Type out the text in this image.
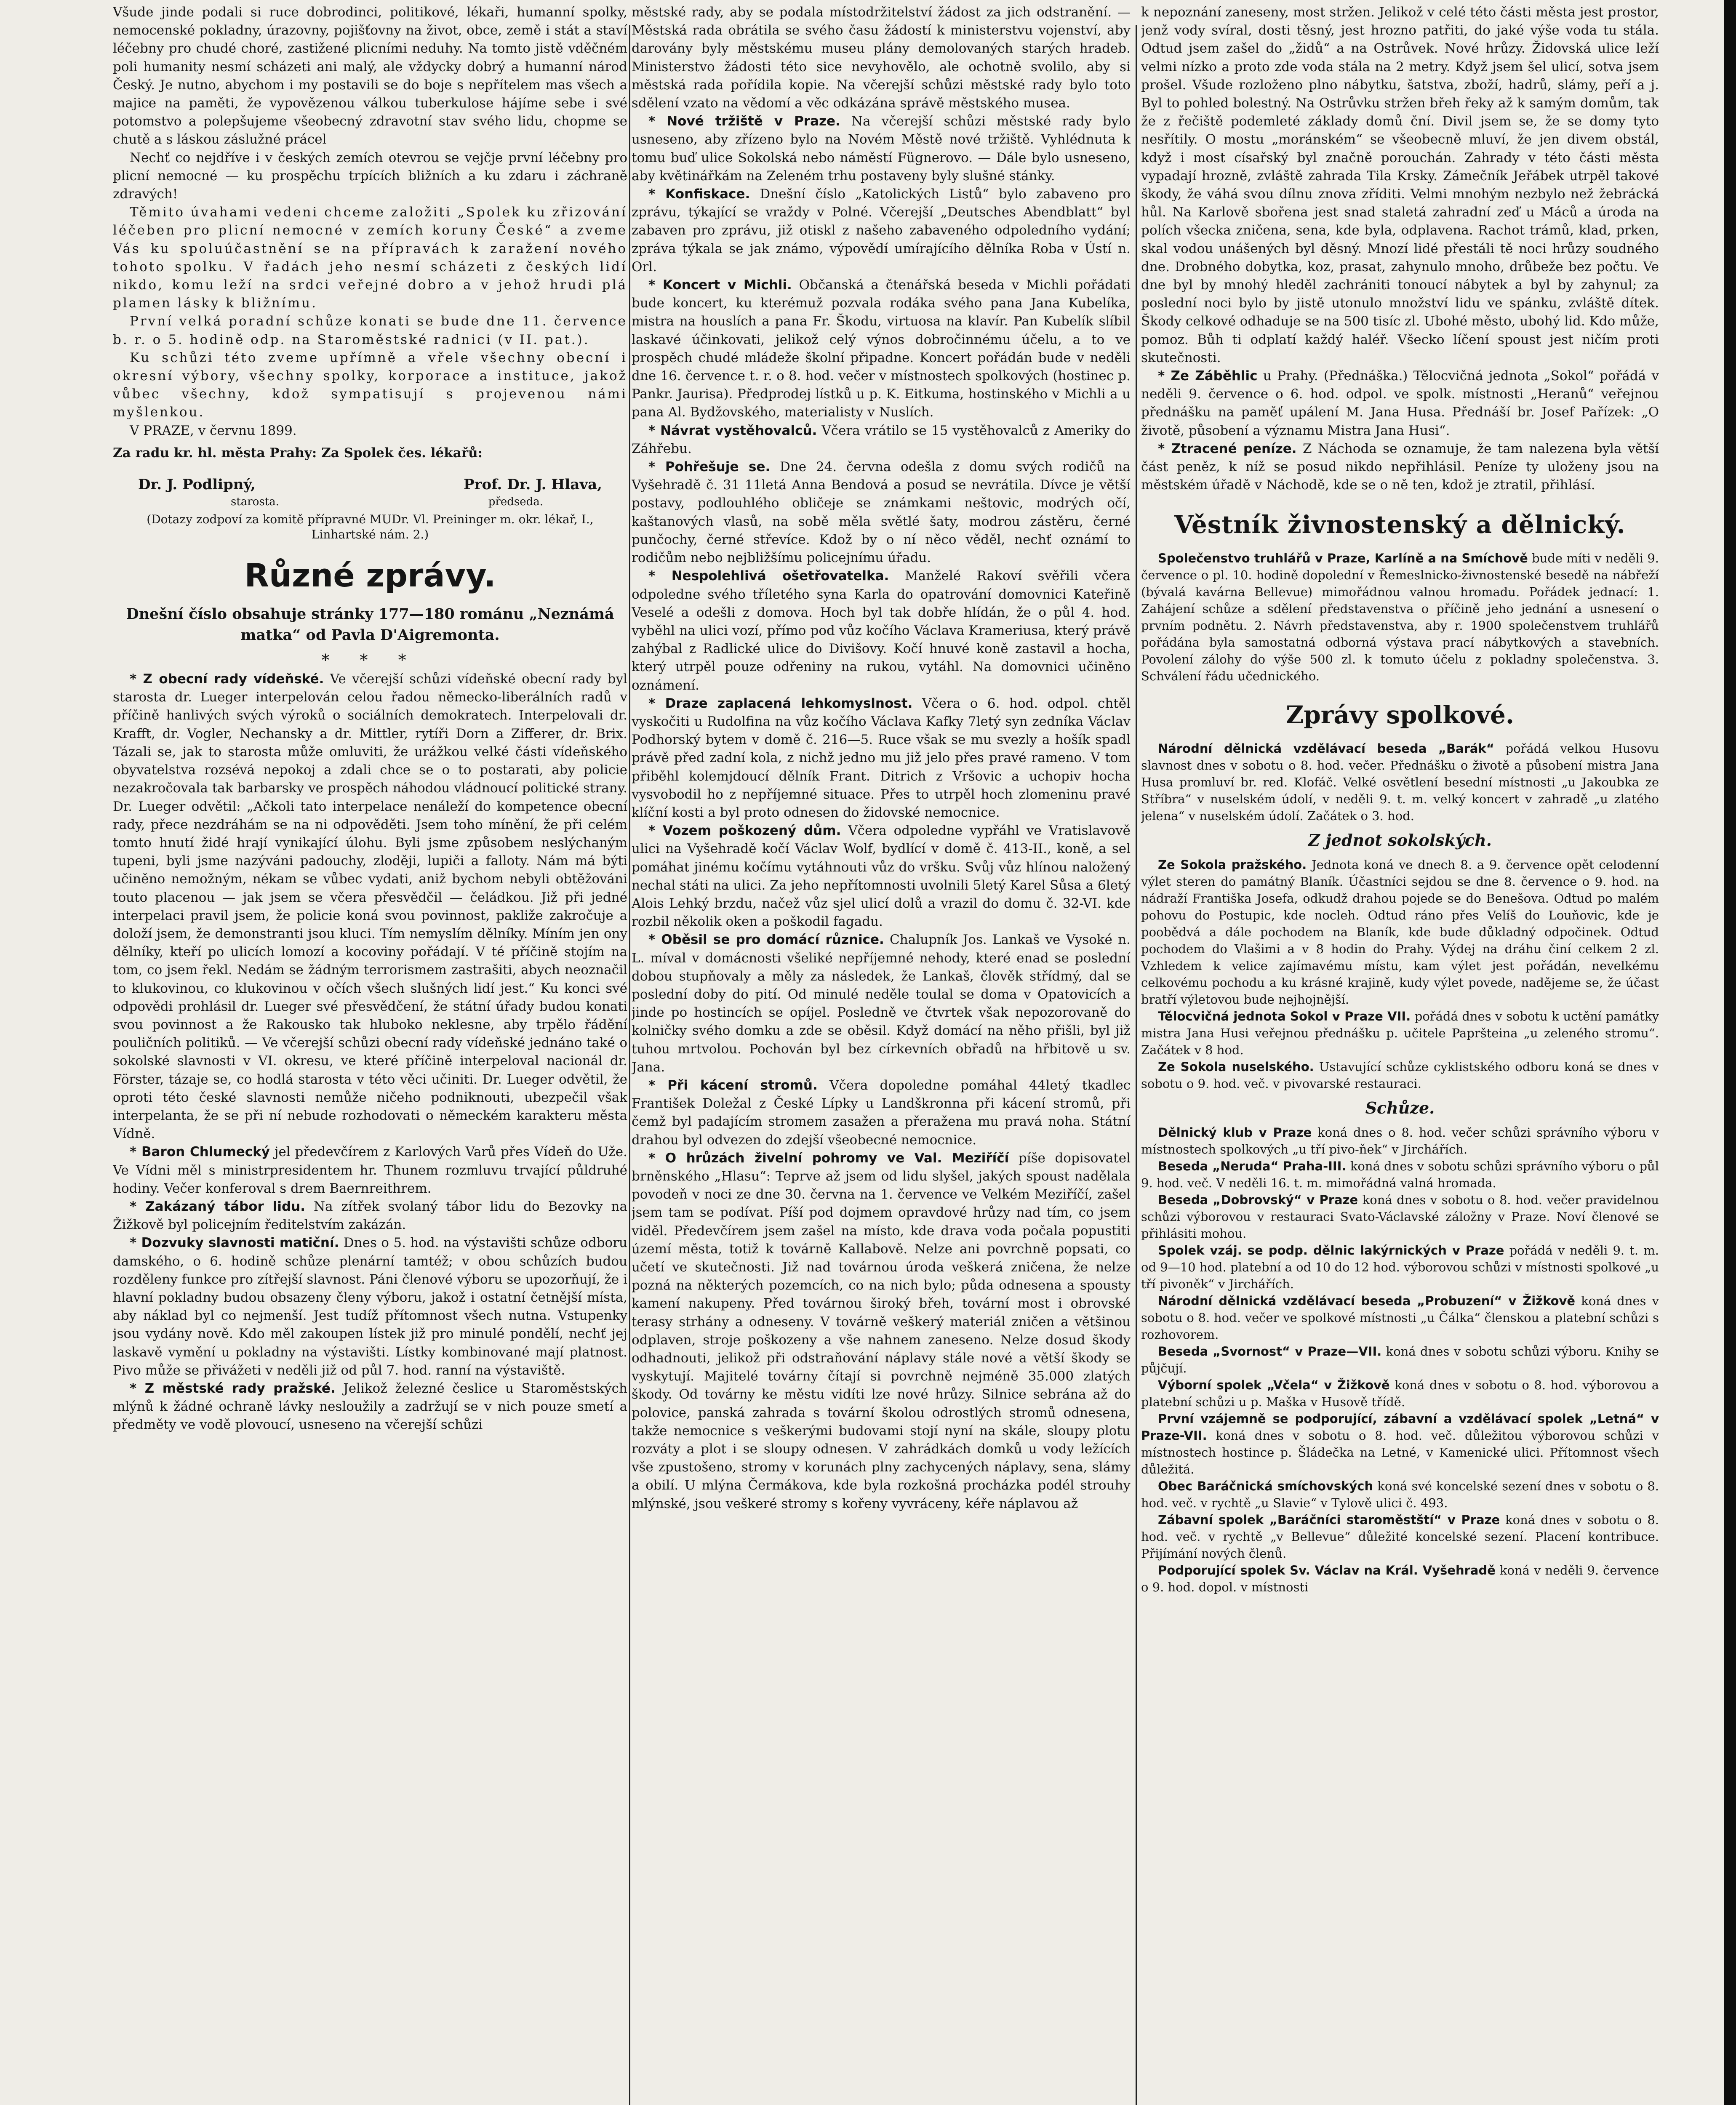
Všude jinde podali si ruce dobrodinci, politikové, lékaři, humanní spolky, nemocenské pokladny, úrazovny, pojišťovny na život, obce, země i stát a staví léčebny pro chudé choré, zastižené plicními neduhy. Na tomto jistě vděčném poli humanity nesmí scházeti ani malý, ale vždycky dobrý a humanní národ Český. Je nutno, abychom i my postavili se do boje s nepřítelem mas všech a majice na paměti, že vypovězenou válkou tuberkulose hájíme sebe i své potomstvo a polepšujeme všeobecný zdravotní stav svého lidu, chopme se chutě a s láskou záslužné prácel

Nechť co nejdříve i v českých zemích otevrou se vejčje první léčebny pro plicní nemocné — ku prospěchu trpících bližních a ku zdaru i záchraně zdravých!

Těmito úvahami vedeni chceme založiti „Spolek ku zřizování léčeben pro plicní nemocné v zemích koruny České“ a zveme Vás ku spoluúčastnění se na přípravách k zaražení nového tohoto spolku. V řadách jeho nesmí scházeti z českých lidí nikdo, komu leží na srdci veřejné dobro a v jehož hrudi plá plamen lásky k bližnímu.

První velká poradní schůze konati se bude dne 11. července b. r. o 5. hodině odp. na Staroměstské radnici (v II. pat.).

Ku schůzi této zveme upřímně a vřele všechny obecní i okresní výbory, všechny spolky, korporace a instituce, jakož vůbec všechny, kdož sympatisují s projevenou námi myšlenkou.

V PRAZE, v červnu 1899.

Za radu kr. hl. města Prahy: Za Spolek čes. lékařů:

Dr. J. Podlipný,	Prof. Dr. J. Hlava,
starosta.	předseda.
(Dotazy zodpoví za komitě přípravné MUDr. Vl. Preininger m. okr. lékař, I., Linhartské nám. 2.)
Různé zprávy.
Dnešní číslo obsahuje stránky 177—180 románu „Neznámá matka“ od Pavla D'Aigremonta.
* * *

* Z obecní rady vídeňské. Ve včerejší schůzi vídeňské obecní rady byl starosta dr. Lueger interpelován celou řadou německo-liberálních radů v příčině hanlivých svých výroků o sociálních demokratech. Interpelovali dr. Krafft, dr. Vogler, Nechansky a dr. Mittler, rytíři Dorn a Zifferer, dr. Brix. Tázali se, jak to starosta může omluviti, že urážkou velké části vídeňského obyvatelstva rozsévá nepokoj a zdali chce se o to postarati, aby policie nezakročovala tak barbarsky ve prospěch náhodou vládnoucí politické strany. Dr. Lueger odvětil: „Ačkoli tato interpelace nenáleží do kompetence obecní rady, přece nezdráhám se na ni odpověděti. Jsem toho mínění, že při celém tomto hnutí židé hrají vynikající úlohu. Byli jsme způsobem neslýchaným tupeni, byli jsme nazýváni padouchy, zloději, lupiči a falloty. Nám má býti učiněno nemožným, nékam se vůbec vydati, aniž bychom nebyli obtěžováni touto placenou — jak jsem se včera přesvědčil — čeládkou. Již při jedné interpelaci pravil jsem, že policie koná svou povinnost, pakliže zakročuje a doloží jsem, že demonstranti jsou kluci. Tím nemyslím dělníky. Míním jen ony dělníky, kteří po ulicích lomozí a kocoviny pořádají. V té příčině stojím na tom, co jsem řekl. Nedám se žádným terrorismem zastrašiti, abych neoznačil to klukovinou, co klukovinou v očích všech slušných lidí jest.“ Ku konci své odpovědi prohlásil dr. Lueger své přesvědčení, že státní úřady budou konati svou povinnost a že Rakousko tak hluboko neklesne, aby trpělo řádění pouličních politiků. — Ve včerejší schůzi obecní rady vídeňské jednáno také o sokolské slavnosti v VI. okresu, ve které příčině interpeloval nacionál dr. Förster, tázaje se, co hodlá starosta v této věci učiniti. Dr. Lueger odvětil, že oproti této české slavnosti nemůže ničeho podniknouti, ubezpečil však interpelanta, že se při ní nebude rozhodovati o německém karakteru města Vídně.

* Baron Chlumecký jel předevčírem z Karlových Varů přes Vídeň do Uže. Ve Vídni měl s ministrpresidentem hr. Thunem rozmluvu trvající půldruhé hodiny. Večer konferoval s drem Baernreithrem.

* Zakázaný tábor lidu. Na zítřek svolaný tábor lidu do Bezovky na Žižkově byl policejním ředitelstvím zakázán.

* Dozvuky slavnosti matiční. Dnes o 5. hod. na výstavišti schůze odboru damského, o 6. hodině schůze plenární tamtéž; v obou schůzích budou rozděleny funkce pro zítřejší slavnost. Páni členové výboru se upozorňují, že i hlavní pokladny budou obsazeny členy výboru, jakož i ostatní četnější místa, aby náklad byl co nejmenší. Jest tudíž přítomnost všech nutna. Vstupenky jsou vydány nově. Kdo měl zakoupen lístek již pro minulé pondělí, nechť jej laskavě vymění u pokladny na výstavišti. Lístky kombinované mají platnost. Pivo může se přivážeti v neděli již od půl 7. hod. ranní na výstaviště.

* Z městské rady pražské. Jelikož železné česlice u Staroměstských mlýnů k žádné ochraně lávky nesloužily a zadržují se v nich pouze smetí a předměty ve vodě plovoucí, usneseno na včerejší schůzi

městské rady, aby se podala místodržitelství žádost za jich odstranění. — Městská rada obrátila se svého času žádostí k ministerstvu vojenství, aby darovány byly městskému museu plány demolovaných starých hradeb. Ministerstvo žádosti této sice nevyhovělo, ale ochotně svolilo, aby si městská rada pořídila kopie. Na včerejší schůzi městské rady bylo toto sdělení vzato na vědomí a věc odkázána správě městského musea.

* Nové tržiště v Praze. Na včerejší schůzi městské rady bylo usneseno, aby zřízeno bylo na Novém Městě nové tržiště. Vyhlédnuta k tomu buď ulice Sokolská nebo náměstí Fügnerovo. — Dále bylo usneseno, aby květinářkám na Zeleném trhu postaveny byly slušné stánky.

* Konfiskace. Dnešní číslo „Katolických Listů“ bylo zabaveno pro zprávu, týkající se vraždy v Polné. Včerejší „Deutsches Abendblatt“ byl zabaven pro zprávu, již otiskl z našeho zabaveného odpoledního vydání; zpráva týkala se jak známo, výpovědí umírajícího dělníka Roba v Ústí n. Orl.

* Koncert v Michli. Občanská a čtenářská beseda v Michli pořádati bude koncert, ku kterémuž pozvala rodáka svého pana Jana Kubelíka, mistra na houslích a pana Fr. Škodu, virtuosa na klavír. Pan Kubelík slíbil laskavé účinkovati, jelikož celý výnos dobročinnému účelu, a to ve prospěch chudé mládeže školní připadne. Koncert pořádán bude v neděli dne 16. července t. r. o 8. hod. večer v místnostech spolkových (hostinec p. Pankr. Jaurisa). Předprodej lístků u p. K. Eitkuma, hostinského v Michli a u pana Al. Bydžovského, materialisty v Nuslích.

* Návrat vystěhovalců. Včera vrátilo se 15 vystěhovalců z Ameriky do Záhřebu.

* Pohřešuje se. Dne 24. června odešla z domu svých rodičů na Vyšehradě č. 31 11letá Anna Bendová a posud se nevrátila. Dívce je větší postavy, podlouhlého obličeje se známkami neštovic, modrých očí, kaštanových vlasů, na sobě měla světlé šaty, modrou zástěru, černé punčochy, černé střevíce. Kdož by o ní něco věděl, nechť oznámí to rodičům nebo nejbližšímu policejnímu úřadu.

* Nespolehlivá ošetřovatelka. Manželé Rakoví svěřili včera odpoledne svého tříletého syna Karla do opatrování domovnici Kateřině Veselé a odešli z domova. Hoch byl tak dobře hlídán, že o půl 4. hod. vyběhl na ulici vozí, přímo pod vůz kočího Václava Krameriusa, který právě zahýbal z Radlické ulice do Divišovy. Kočí hnuvé koně zastavil a hocha, který utrpěl pouze odřeniny na rukou, vytáhl. Na domovnici učiněno oznámení.

* Draze zaplacená lehkomyslnost. Včera o 6. hod. odpol. chtěl vyskočiti u Rudolfina na vůz kočího Václava Kafky 7letý syn zedníka Václav Podhorský bytem v domě č. 216—5. Ruce však se mu svezly a hošík spadl právě před zadní kola, z nichž jedno mu již jelo přes pravé rameno. V tom přiběhl kolemjdoucí dělník Frant. Ditrich z Vršovic a uchopiv hocha vysvobodil ho z nepříjemné situace. Přes to utrpěl hoch zlomeninu pravé klíční kosti a byl proto odnesen do židovské nemocnice.

* Vozem poškozený dům. Včera odpoledne vypřáhl ve Vratislavově ulici na Vyšehradě kočí Václav Wolf, bydlící v domě č. 413-II., koně, a sel pomáhat jinému kočímu vytáhnouti vůz do vršku. Svůj vůz hlínou naložený nechal státi na ulici. Za jeho nepřítomnosti uvolnili 5letý Karel Sůsa a 6letý Alois Lehký brzdu, načež vůz sjel ulicí dolů a vrazil do domu č. 32-VI. kde rozbil několik oken a poškodil fagadu.

* Oběsil se pro domácí různice. Chalupník Jos. Lankaš ve Vysoké n. L. míval v domácnosti všeliké nepříjemné nehody, které enad se poslední dobou stupňovaly a měly za následek, že Lankaš, člověk střídmý, dal se poslední doby do pití. Od minulé neděle toulal se doma v Opatovicích a jinde po hostincích se opíjel. Posledně ve čtvrtek však nepozorovaně do kolničky svého domku a zde se oběsil. Když domácí na něho přišli, byl již tuhou mrtvolou. Pochován byl bez církevních obřadů na hřbitově u sv. Jana.

* Při kácení stromů. Včera dopoledne pomáhal 44letý tkadlec František Doležal z České Lípky u Landškronna při kácení stromů, při čemž byl padajícím stromem zasažen a přeražena mu pravá noha. Státní drahou byl odvezen do zdejší všeobecné nemocnice.

* O hrůzách živelní pohromy ve Val. Meziříčí píše dopisovatel brněnského „Hlasu“: Teprve až jsem od lidu slyšel, jakých spoust nadělala povodeň v noci ze dne 30. června na 1. července ve Velkém Meziříčí, zašel jsem tam se podívat. Píší pod dojmem opravdové hrůzy nad tím, co jsem viděl. Předevčírem jsem zašel na místo, kde drava voda počala popustiti území města, totiž k továrně Kallabově. Nelze ani povrchně popsati, co učetí ve skutečnosti. Již nad továrnou úroda veškerá zničena, že nelze pozná na některých pozemcích, co na nich bylo; půda odnesena a spousty kamení nakupeny. Před továrnou široký břeh, tovární most i obrovské terasy strhány a odneseny. V továrně veškerý materiál zničen a většinou odplaven, stroje poškozeny a vše nahnem zaneseno. Nelze dosud škody odhadnouti, jelikož při odstraňování náplavy stále nové a větší škody se vyskytují. Majitelé továrny čítají si povrchně nejméně 35.000 zlatých škody. Od továrny ke městu vidíti lze nové hrůzy. Silnice sebrána až do polovice, panská zahrada s tovární školou odrostlých stromů odnesena, takže nemocnice s veškerými budovami stojí nyní na skále, sloupy plotu rozváty a plot i se sloupy odnesen. V zahrádkách domků u vody ležících vše zpustošeno, stromy v korunách plny zachycených náplavy, sena, slámy a obilí. U mlýna Čermákova, kde byla rozkošná procházka podél strouhy mlýnské, jsou veškeré stromy s kořeny vyvráceny, kéře náplavou až

k nepoznání zaneseny, most stržen. Jelikož v celé této části města jest prostor, jenž vody svíral, dosti těsný, jest hrozno patřiti, do jaké výše voda tu stála. Odtud jsem zašel do „židů“ a na Ostrůvek. Nové hrůzy. Židovská ulice leží velmi nízko a proto zde voda stála na 2 metry. Když jsem šel ulicí, sotva jsem prošel. Všude rozloženo plno nábytku, šatstva, zboží, hadrů, slámy, peří a j. Byl to pohled bolestný. Na Ostrůvku stržen břeh řeky až k samým domům, tak že z řečiště podemleté základy domů ční. Divil jsem se, že se domy tyto nesřítily. O mostu „moránském“ se všeobecně mluví, že jen divem obstál, když i most císařský byl značně porouchán. Zahrady v této části města vypadají hrozně, zvláště zahrada Tila Krsky. Zámečník Jeřábek utrpěl takové škody, že váhá svou dílnu znova zříditi. Velmi mnohým nezbylo než žebrácká hůl. Na Karlově sbořena jest snad staletá zahradní zeď u Máců a úroda na polích všecka zničena, sena, kde byla, odplavena. Rachot trámů, klad, prken, skal vodou unášených byl děsný. Mnozí lidé přestáli tě noci hrůzy soudného dne. Drobného dobytka, koz, prasat, zahynulo mnoho, drůbeže bez počtu. Ve dne byl by mnohý hleděl zachrániti tonoucí nábytek a byl by zahynul; za poslední noci bylo by jistě utonulo množství lidu ve spánku, zvláště dítek. Škody celkové odhaduje se na 500 tisíc zl. Ubohé město, ubohý lid. Kdo může, pomoz. Bůh ti odplatí každý haléř. Všecko líčení spoust jest ničím proti skutečnosti.

* Ze Záběhlic u Prahy. (Přednáška.) Tělocvičná jednota „Sokol“ pořádá v neděli 9. července o 6. hod. odpol. ve spolk. místnosti „Heranů“ veřejnou přednášku na paměť upálení M. Jana Husa. Přednáší br. Josef Pařízek: „O životě, působení a významu Mistra Jana Husi“.

* Ztracené peníze. Z Náchoda se oznamuje, že tam nalezena byla větší část peněz, k níž se posud nikdo nepřihlásil. Peníze ty uloženy jsou na městském úřadě v Náchodě, kde se o ně ten, kdož je ztratil, přihlásí.

Věstník živnostenský a dělnický.

Společenstvo truhlářů v Praze, Karlíně a na Smíchově bude míti v neděli 9. července o pl. 10. hodině dopolední v Řemeslnicko-živnostenské besedě na nábřeží (bývalá kavárna Bellevue) mimořádnou valnou hromadu. Pořádek jednací: 1. Zahájení schůze a sdělení představenstva o příčině jeho jednání a usnesení o prvním podnětu. 2. Návrh představenstva, aby r. 1900 společenstvem truhlářů pořádána byla samostatná odborná výstava prací nábytkových a stavebních. Povolení zálohy do výše 500 zl. k tomuto účelu z pokladny společenstva. 3. Schválení řádu učednického.

Zprávy spolkové.

Národní dělnická vzdělávací beseda „Barák“ pořádá velkou Husovu slavnost dnes v sobotu o 8. hod. večer. Přednášku o životě a působení mistra Jana Husa promluví br. red. Klofáč. Velké osvětlení besední místnosti „u Jakoubka ze Stříbra“ v nuselském údolí, v neděli 9. t. m. velký koncert v zahradě „u zlatého jelena“ v nuselském údolí. Začátek o 3. hod.

Z jednot sokolských.

Ze Sokola pražského. Jednota koná ve dnech 8. a 9. července opět celodenní výlet steren do památný Blaník. Účastníci sejdou se dne 8. července o 9. hod. na nádraží Františka Josefa, odkudž drahou pojede se do Benešova. Odtud po malém pohovu do Postupic, kde nocleh. Odtud ráno přes Velíš do Louňovic, kde je poobědvá a dále pochodem na Blaník, kde bude důkladný odpočinek. Odtud pochodem do Vlašimi a v 8 hodin do Prahy. Výdej na dráhu činí celkem 2 zl. Vzhledem k velice zajímavému místu, kam výlet jest pořádán, nevelkému celkovému pochodu a ku krásné krajině, kudy výlet povede, nadějeme se, že účast bratří výletovou bude nejhojnější.

Tělocvičná jednota Sokol v Praze VII. pořádá dnes v sobotu k uctění památky mistra Jana Husi veřejnou přednášku p. učitele Papršteina „u zeleného stromu“. Začátek v 8 hod.

Ze Sokola nuselského. Ustavující schůze cyklistského odboru koná se dnes v sobotu o 9. hod. več. v pivovarské restauraci.

Schůze.

Dělnický klub v Praze koná dnes o 8. hod. večer schůzi správního výboru v místnostech spolkových „u tří pivo-ňek“ v Jirchářích.

Beseda „Neruda“ Praha-III. koná dnes v sobotu schůzi správního výboru o půl 9. hod. več. V neděli 16. t. m. mimořádná valná hromada.

Beseda „Dobrovský“ v Praze koná dnes v sobotu o 8. hod. večer pravidelnou schůzi výborovou v restauraci Svato-Václavské záložny v Praze. Noví členové se přihlásiti mohou.

Spolek vzáj. se podp. dělnic lakýrnických v Praze pořádá v neděli 9. t. m. od 9—10 hod. platební a od 10 do 12 hod. výborovou schůzi v místnosti spolkové „u tří pivoněk“ v Jirchářích.

Národní dělnická vzdělávací beseda „Probuzení“ v Žižkově koná dnes v sobotu o 8. hod. večer ve spolkové místnosti „u Čálka“ členskou a platební schůzi s rozhovorem.

Beseda „Svornost“ v Praze—VII. koná dnes v sobotu schůzi výboru. Knihy se půjčují.

Výborní spolek „Včela“ v Žižkově koná dnes v sobotu o 8. hod. výborovou a platební schůzi u p. Maška v Husově třídě.

První vzájemně se podporující, zábavní a vzdělávací spolek „Letná“ v Praze-VII. koná dnes v sobotu o 8. hod. več. důležitou výborovou schůzi v místnostech hostince p. Šládečka na Letné, v Kamenické ulici. Přítomnost všech důležitá.

Obec Baráčnická smíchovských koná své koncelské sezení dnes v sobotu o 8. hod. več. v rychtě „u Slavie“ v Tylově ulici č. 493.

Zábavní spolek „Baráčníci staroměstští“ v Praze koná dnes v sobotu o 8. hod. več. v rychtě „v Bellevue“ důležité koncelské sezení. Placení kontribuce. Přijímání nových členů.

Podporující spolek Sv. Václav na Král. Vyšehradě koná v neděli 9. července o 9. hod. dopol. v místnosti
